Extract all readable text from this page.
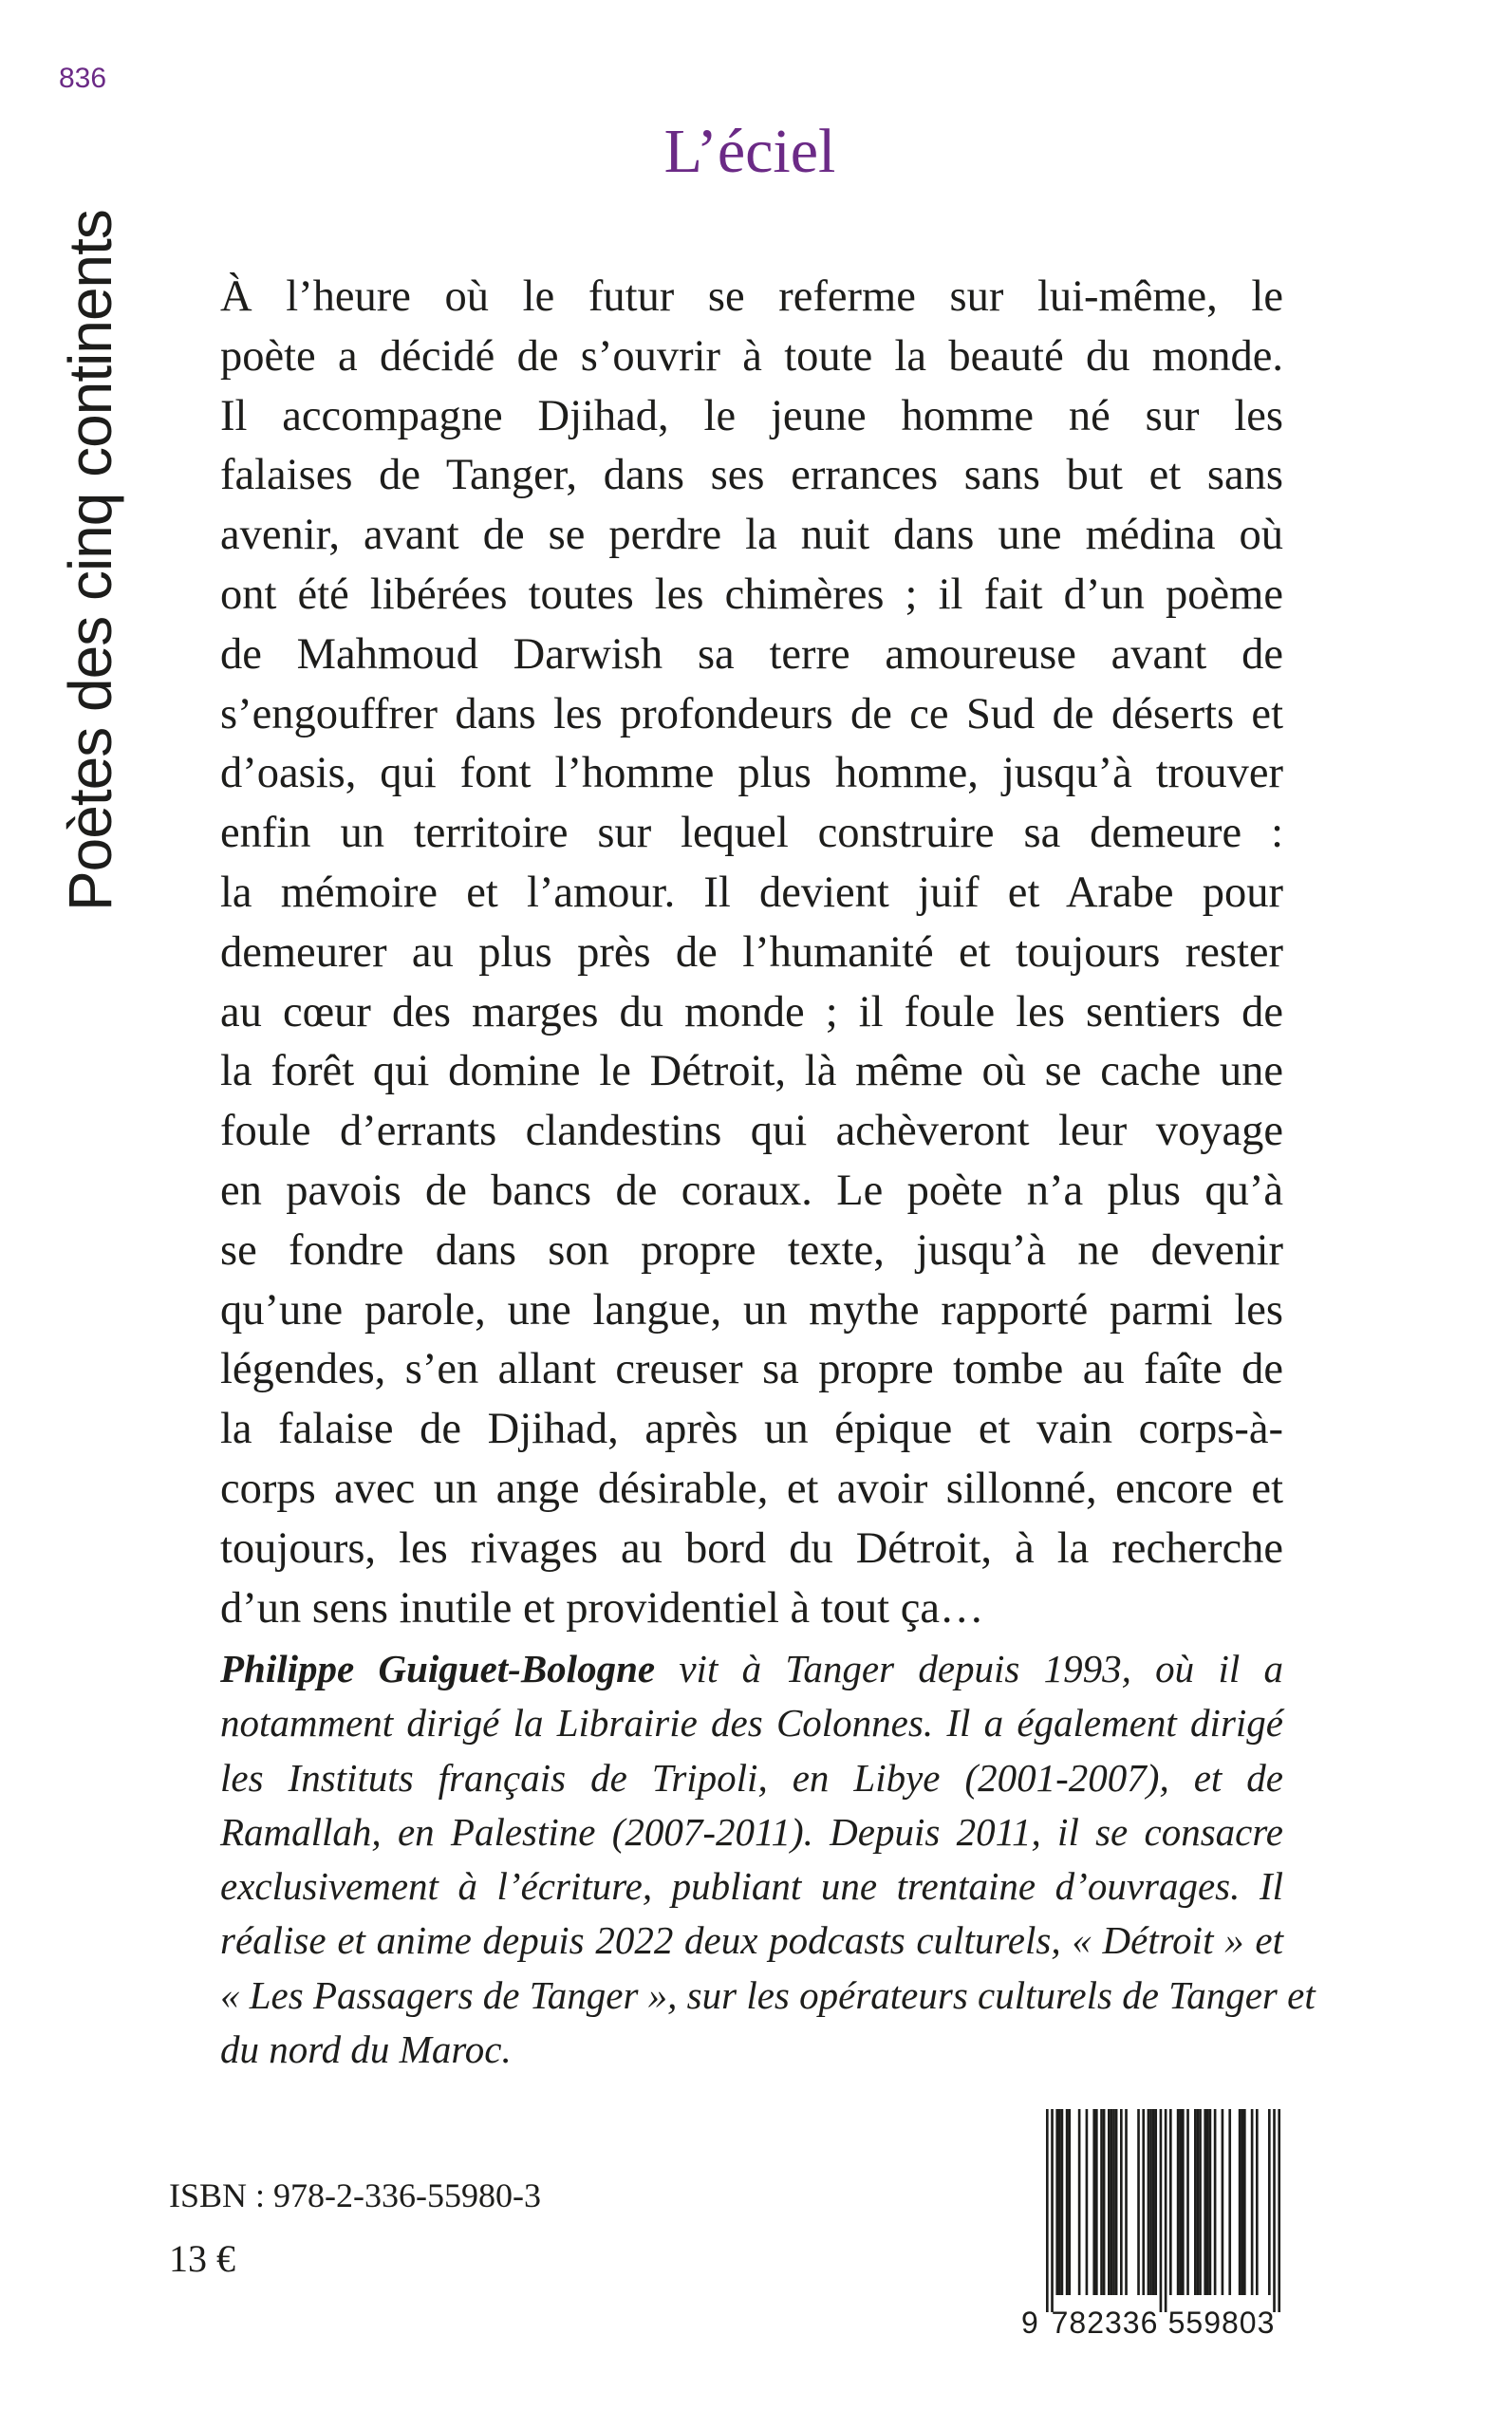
836
Poètes des cinq continents
L’éciel
À l’heure où le futur se referme sur lui-même, le
poète a décidé de s’ouvrir à toute la beauté du monde.
Il accompagne Djihad, le jeune homme né sur les
falaises de Tanger, dans ses errances sans but et sans
avenir, avant de se perdre la nuit dans une médina où
ont été libérées toutes les chimères ; il fait d’un poème
de Mahmoud Darwish sa terre amoureuse avant de
s’engouffrer dans les profondeurs de ce Sud de déserts et
d’oasis, qui font l’homme plus homme, jusqu’à trouver
enfin un territoire sur lequel construire sa demeure :
la mémoire et l’amour. Il devient juif et Arabe pour
demeurer au plus près de l’humanité et toujours rester
au cœur des marges du monde ; il foule les sentiers de
la forêt qui domine le Détroit, là même où se cache une
foule d’errants clandestins qui achèveront leur voyage
en pavois de bancs de coraux. Le poète n’a plus qu’à
se fondre dans son propre texte, jusqu’à ne devenir
qu’une parole, une langue, un mythe rapporté parmi les
légendes, s’en allant creuser sa propre tombe au faîte de
la falaise de Djihad, après un épique et vain corps-à-
corps avec un ange désirable, et avoir sillonné, encore et
toujours, les rivages au bord du Détroit, à la recherche
d’un sens inutile et providentiel à tout ça…
Philippe Guiguet-Bologne vit à Tanger depuis 1993, où il a
notamment dirigé la Librairie des Colonnes. Il a également dirigé
les Instituts français de Tripoli, en Libye (2001-2007), et de
Ramallah, en Palestine (2007-2011). Depuis 2011, il se consacre
exclusivement à l’écriture, publiant une trentaine d’ouvrages. Il
réalise et anime depuis 2022 deux podcasts culturels, « Détroit » et
« Les Passagers de Tanger », sur les opérateurs culturels de Tanger et
du nord du Maroc.
ISBN : 978-2-336-55980-3
13 €
9 782336 559803
